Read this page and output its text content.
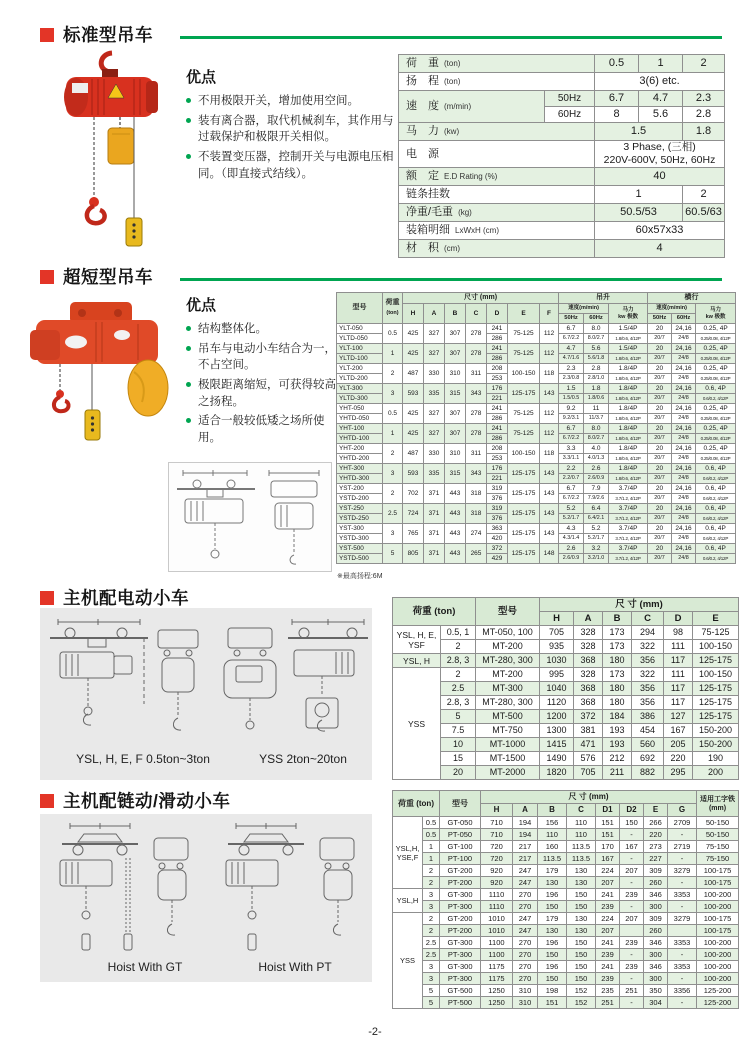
标准型吊车
优点
不用极限开关，增加使用空间。
装有离合器，取代机械刹车，其作用与过载保护和极限开关相似。
不装置变压器，控制开关与电源电压相同。（即直接式结线）。
荷　重 (ton)		0.5	1	2
扬　程 (ton)		3(6) etc.		
速　度 (m/min)	50Hz	6.7	4.7	2.3
	60Hz	8	5.6	2.8
马　力 (kw)		1.5		1.8
电　源		3 Phase, (三相)
220V-600V, 50Hz, 60Hz		

额　定 E.D Rating (%)		40		
链条挂数		1		2
净重/毛重 (kg)		50.5/53		60.5/63
装箱明细 LxWxH (cm)		60x57x33		
材　积 (cm)		4		
超短型吊车
优点
结构整体化。
吊车与电动小车结合为一，不占空间。
极限距离缩短，可获得较高之扬程。
适合一般较低矮之场所使用。
型号	荷重
(ton)	尺寸 (mm)							吊升			横行		
H	A	B	C	D	E	F	速度(m/min)	马力
kw 极数
	速度(m/min)	马力
kw 极数

									50Hz	60Hz		50Hz	60Hz	
YLT-050	0.5	425	327	307	278	241	75-125	112	6.7	8.0	1.5/4P	20	24,16	0.25, 4P
YLTD-050						286			6.7/2.2	8.0/2.7	1.8/0.6, 4/12P	20/7	24/8	0.25/0.08, 4/12P
YLT-100	1	425	327	307	278	241	75-125	112	4.7	5.6	1.5/4P	20	24,16	0.25, 4P
YLTD-100						286			4.7/1.6	5.6/1.8	1.8/0.6, 4/12P	20/7	24/8	0.25/0.08, 4/12P
YLT-200	2	487	330	310	311	208	100-150	118	2.3	2.8	1.8/4P	20	24,16	0.25, 4P
YLTD-200						253			2.3/0.8	2.8/1.0	1.8/0.6, 4/12P	20/7	24/8	0.25/0.08, 4/12P
YLT-300	3	593	335	315	343	176	125-175	143	1.5	1.8	1.8/4P	20	24,16	0.6, 4P
YLTD-300						221			1.5/0.5	1.8/0.6	1.8/0.6, 4/12P	20/7	24/8	0.6/0.2, 4/12P
YHT-050	0.5	425	327	307	278	241	75-125	112	9.2	11	1.8/4P	20	24,16	0.25, 4P
YHTD-050						286			9.2/3.1	11/3.7	1.8/0.6, 4/12P	20/7	24/8	0.25/0.08, 4/12P
YHT-100	1	425	327	307	278	241	75-125	112	6.7	8.0	1.8/4P	20	24,16	0.25, 4P
YHTD-100						286			6.7/2.2	8.0/2.7	1.8/0.6, 4/12P	20/7	24/8	0.25/0.08, 4/12P
YHT-200	2	487	330	310	311	208	100-150	118	3.3	4.0	1.8/4P	20	24,16	0.25, 4P
YHTD-200						253			3.3/1.1	4.0/1.3	1.8/0.6, 4/12P	20/7	24/8	0.25/0.08, 4/12P
YHT-300	3	593	335	315	343	176	125-175	143	2.2	2.6	1.8/4P	20	24,16	0.6, 4P
YHTD-300						221			2.2/0.7	2.6/0.9	1.8/0.6, 4/12P	20/7	24/8	0.6/0.2, 4/12P
YST-200	2	702	371	443	318	319	125-175	143	6.7	7.9	3.7/4P	20	24,16	0.6, 4P
YSTD-200						376			6.7/2.2	7.9/2.6	3.7/1.2, 4/12P	20/7	24/8	0.6/0.2, 4/12P
YST-250	2.5	724	371	443	318	319	125-175	143	5.2	6.4	3.7/4P	20	24,16	0.6, 4P
YSTD-250						376			5.2/1.7	6.4/2.1	3.7/1.2, 4/12P	20/7	24/8	0.6/0.2, 4/12P
YST-300	3	765	371	443	274	363	125-175	143	4.3	5.2	3.7/4P	20	24,16	0.6, 4P
YSTD-300						420			4.3/1.4	5.2/1.7	3.7/1.2, 4/12P	20/7	24/8	0.6/0.2, 4/12P
YST-500	5	805	371	443	265	372	125-175	148	2.6	3.2	3.7/4P	20	24,16	0.6, 4P
YSTD-500						429			2.6/0.9	3.2/1.0	3.7/1.2, 4/12P	20/7	24/8	0.6/0.2, 4/12P
※最高扬程:6M
主机配电动小车
YSL, H, E, F 0.5ton~3ton	YSS 2ton~20ton
荷重 (ton)		型号	尺 寸 (mm)					
			H	A	B	C	D	E
YSL, H, E, YSF	0.5, 1	MT-050, 100	705	328	173	294	98	75-125
	2	MT-200	935	328	173	322	111	100-150
YSL, H	2.8, 3	MT-280, 300	1030	368	180	356	117	125-175
YSS	2	MT-200	995	328	173	322	111	100-150
	2.5	MT-300	1040	368	180	356	117	125-175
	2.8, 3	MT-280, 300	1120	368	180	356	117	125-175
	5	MT-500	1200	372	184	386	127	125-175
	7.5	MT-750	1300	381	193	454	167	150-200
	10	MT-1000	1415	471	193	560	205	150-200
	15	MT-1500	1490	576	212	692	220	190
	20	MT-2000	1820	705	211	882	295	200
主机配链动/滑动小车
Hoist With GT	Hoist With PT
荷重 (ton)		型号	尺 寸 (mm)								适用工字铁
(mm)

			H	A	B	C	D1	D2	E	G	
YSL,H, YSE,F	0.5	GT-050	710	194	156	110	151	150	266	2709	50-150
	0.5	PT-050	710	194	110	110	151	-	220	-	50-150
	1	GT-100	720	217	160	113.5	170	167	273	2719	75-150
	1	PT-100	720	217	113.5	113.5	167	-	227	-	75-150
	2	GT-200	920	247	179	130	224	207	309	3279	100-175
	2	PT-200	920	247	130	130	207	-	260	-	100-175
YSL,H	3	GT-300	1110	270	196	150	241	239	346	3353	100-200
	3	PT-300	1110	270	150	150	239	-	300	-	100-200
YSS	2	GT-200	1010	247	179	130	224	207	309	3279	100-175
	2	PT-200	1010	247	130	130	207		260		100-175
	2.5	GT-300	1100	270	196	150	241	239	346	3353	100-200
	2.5	PT-300	1100	270	150	150	239	-	300	-	100-200
	3	GT-300	1175	270	196	150	241	239	346	3353	100-200
	3	PT-300	1175	270	150	150	239	-	300	-	100-200
	5	GT-500	1250	310	198	152	235	251	350	3356	125-200
	5	PT-500	1250	310	151	152	251	-	304	-	125-200
-2-
